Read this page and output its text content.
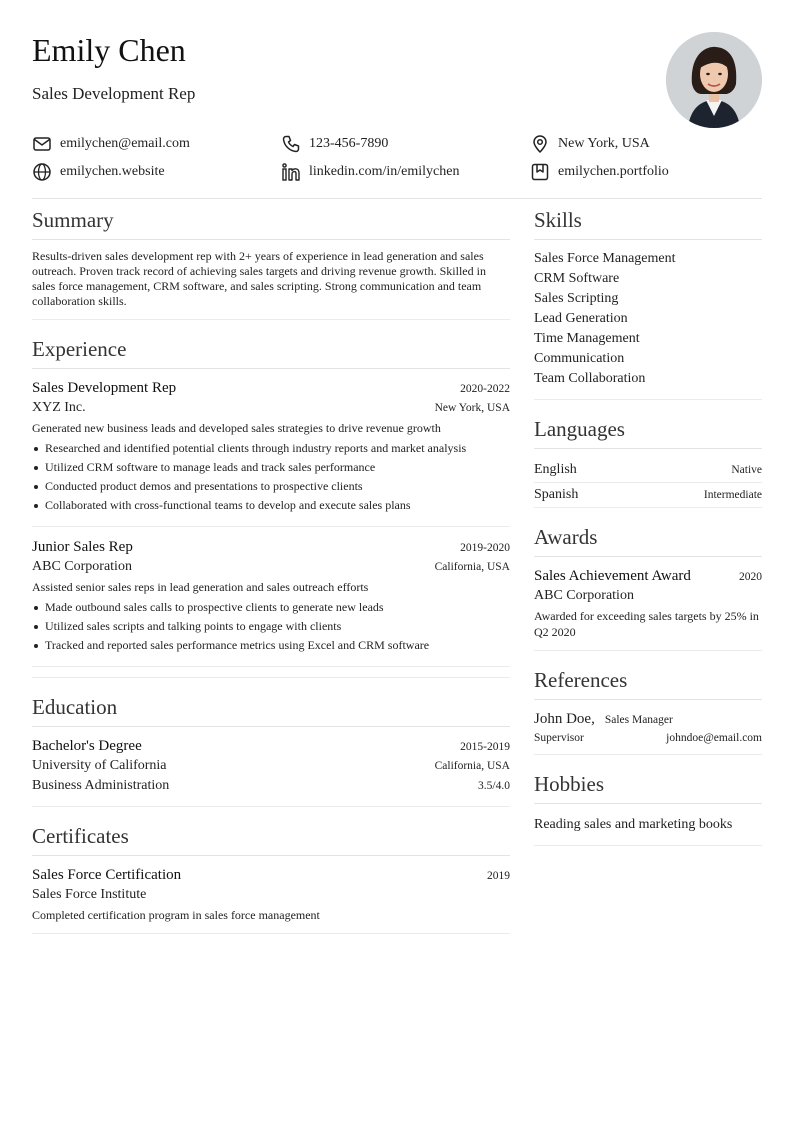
Emily Chen
Sales Development Rep
emilychen@email.com	123-456-7890	New York, USA
emilychen.website	linkedin.com/in/emilychen	emilychen.portfolio
Summary
Results-driven sales development rep with 2+ years of experience in lead generation and sales outreach. Proven track record of achieving sales targets and driving revenue growth. Skilled in sales force management, CRM software, and sales scripting. Strong communication and team collaboration skills.
Experience
Sales Development Rep	2020-2022
XYZ Inc.	New York, USA
Generated new business leads and developed sales strategies to drive revenue growth
Researched and identified potential clients through industry reports and market analysis
Utilized CRM software to manage leads and track sales performance
Conducted product demos and presentations to prospective clients
Collaborated with cross-functional teams to develop and execute sales plans
Junior Sales Rep	2019-2020
ABC Corporation	California, USA
Assisted senior sales reps in lead generation and sales outreach efforts
Made outbound sales calls to prospective clients to generate new leads
Utilized sales scripts and talking points to engage with clients
Tracked and reported sales performance metrics using Excel and CRM software
Education
Bachelor's Degree	2015-2019
University of California	California, USA
Business Administration	3.5/4.0
Certificates
Sales Force Certification	2019
Sales Force Institute
Completed certification program in sales force management
Skills
Sales Force Management
CRM Software
Sales Scripting
Lead Generation
Time Management
Communication
Team Collaboration
Languages
English	Native
Spanish	Intermediate
Awards
Sales Achievement Award	2020
ABC Corporation
Awarded for exceeding sales targets by 25% in Q2 2020
References
John Doe, Sales Manager
Supervisor	johndoe@email.com
Hobbies
Reading sales and marketing books
